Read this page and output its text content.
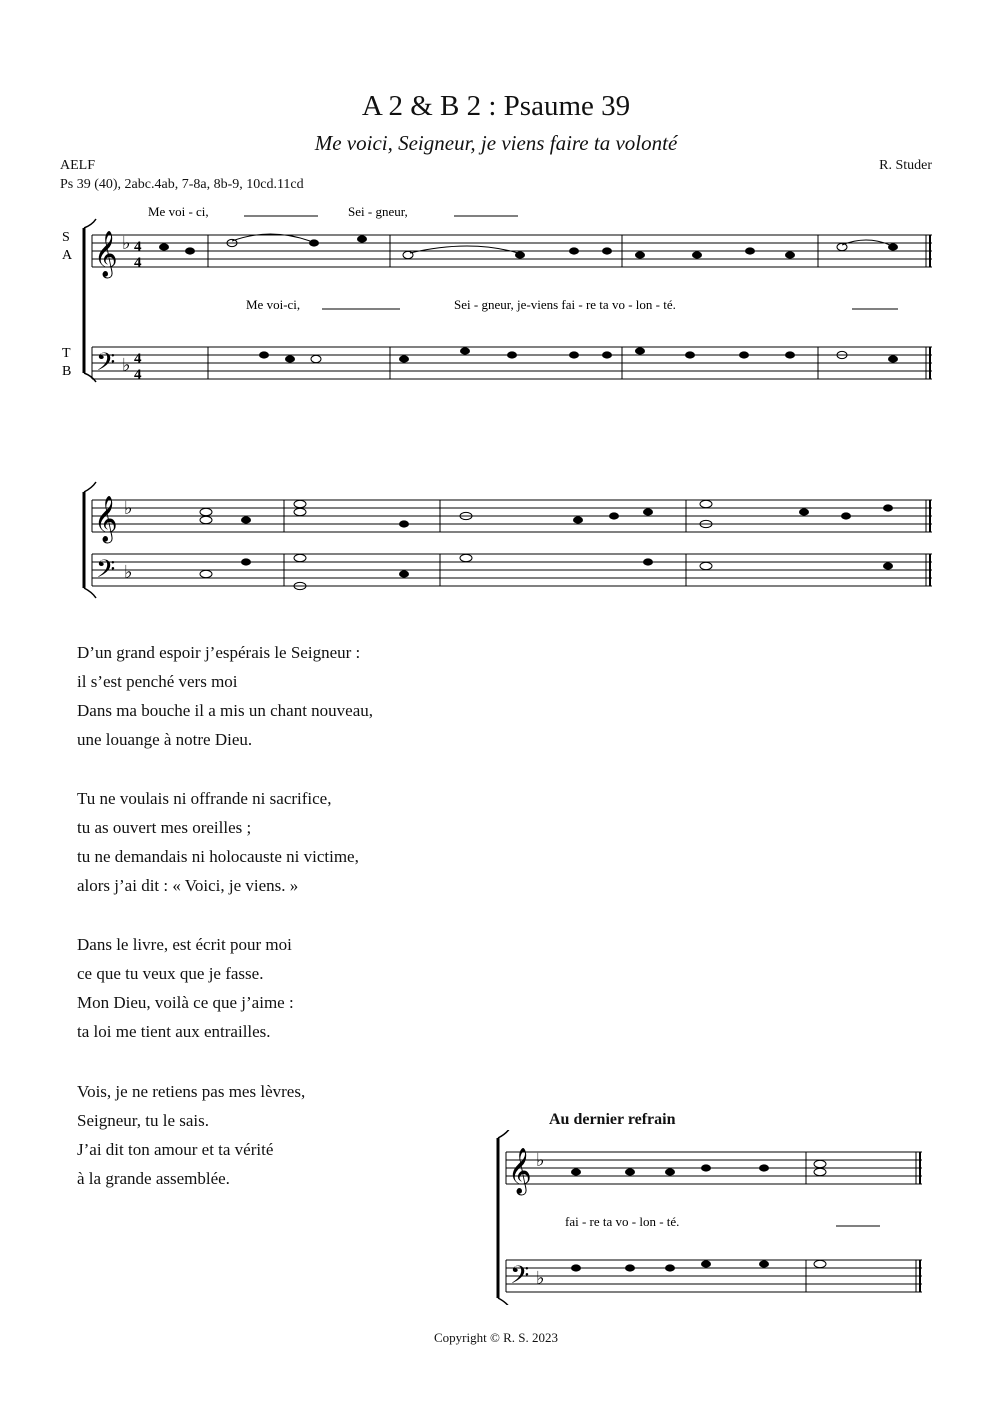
A 2 & B 2 : Psaume 39
Me voici, Seigneur, je viens faire ta volonté
AELF
Ps 39 (40), 2abc.4ab, 7-8a, 8b-9, 10cd.11cd
R. Studer
S
A
T
B
𝄞
𝄢
♭
♭
4
4
4
4
Me voi - ci,	Sei - gneur,
Me voi-ci,	Sei - gneur, je-viens fai - re ta vo - lon - té.
𝄞
𝄢
♭
♭
D’un grand espoir j’espérais le Seigneur :
il s’est penché vers moi
Dans ma bouche il a mis un chant nouveau,
une louange à notre Dieu.
Tu ne voulais ni offrande ni sacrifice,
tu as ouvert mes oreilles ;
tu ne demandais ni holocauste ni victime,
alors j’ai dit : « Voici, je viens. »
Dans le livre, est écrit pour moi
ce que tu veux que je fasse.
Mon Dieu, voilà ce que j’aime :
ta loi me tient aux entrailles.
Vois, je ne retiens pas mes lèvres,
Seigneur, tu le sais.
J’ai dit ton amour et ta vérité
à la grande assemblée.
Au dernier refrain
𝄞
𝄢
♭
♭
fai - re ta vo - lon - té.
Copyright © R. S. 2023
